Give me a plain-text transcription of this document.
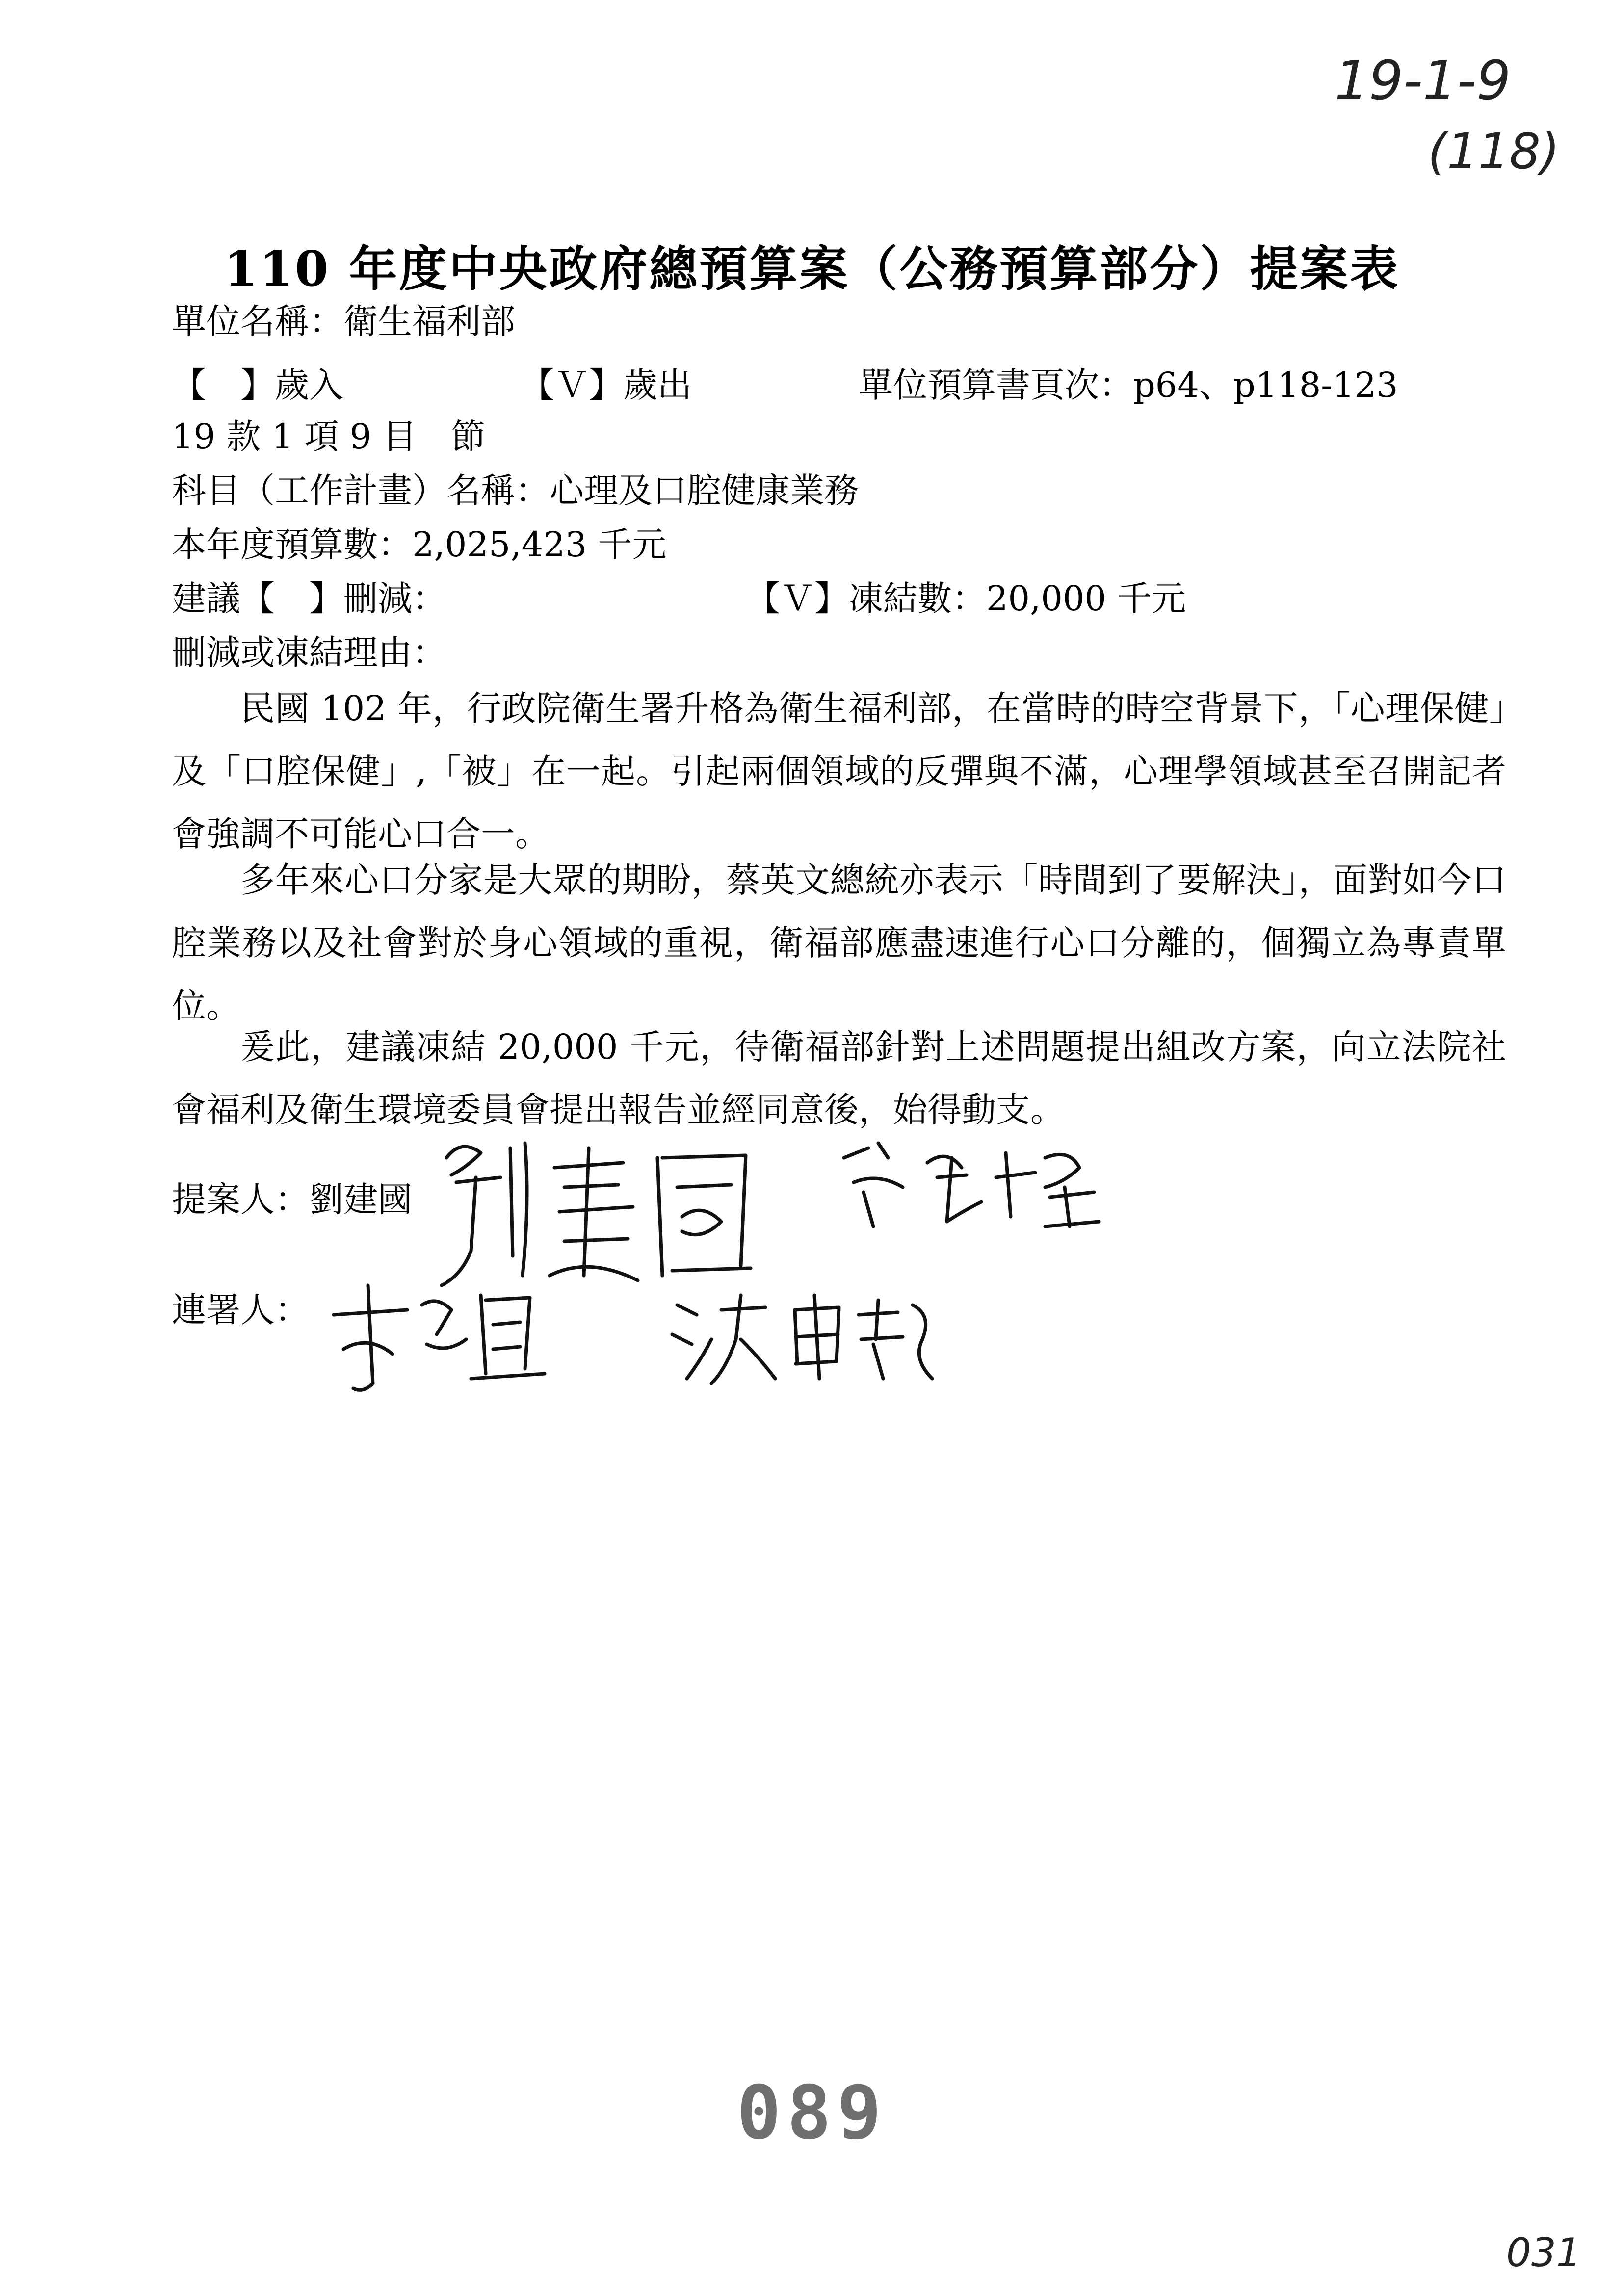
19-1-9
(118)
110 年度中央政府總預算案（公務預算部分）提案表
單位名稱：衛生福利部
【　】歲入	【Ｖ】歲出	單位預算書頁次：p64、p118-123
19 款 1 項 9 目　節
科目（工作計畫）名稱：心理及口腔健康業務
本年度預算數：2,025,423 千元
建議【　】刪減：	【Ｖ】凍結數：20,000 千元
刪減或凍結理由：
民國 102 年，行政院衛生署升格為衛生福利部，在當時的時空背景下，「心理保健」及「口腔保健」,「被」在一起。引起兩個領域的反彈與不滿，心理學領域甚至召開記者會強調不可能心口合一。
多年來心口分家是大眾的期盼，蔡英文總統亦表示「時間到了要解決」，面對如今口腔業務以及社會對於身心領域的重視，衛福部應盡速進行心口分離的，個獨立為專責單位。
爰此，建議凍結 20,000 千元，待衛福部針對上述問題提出組改方案，向立法院社會福利及衛生環境委員會提出報告並經同意後，始得動支。
提案人：劉建國
連署人：
089
031
